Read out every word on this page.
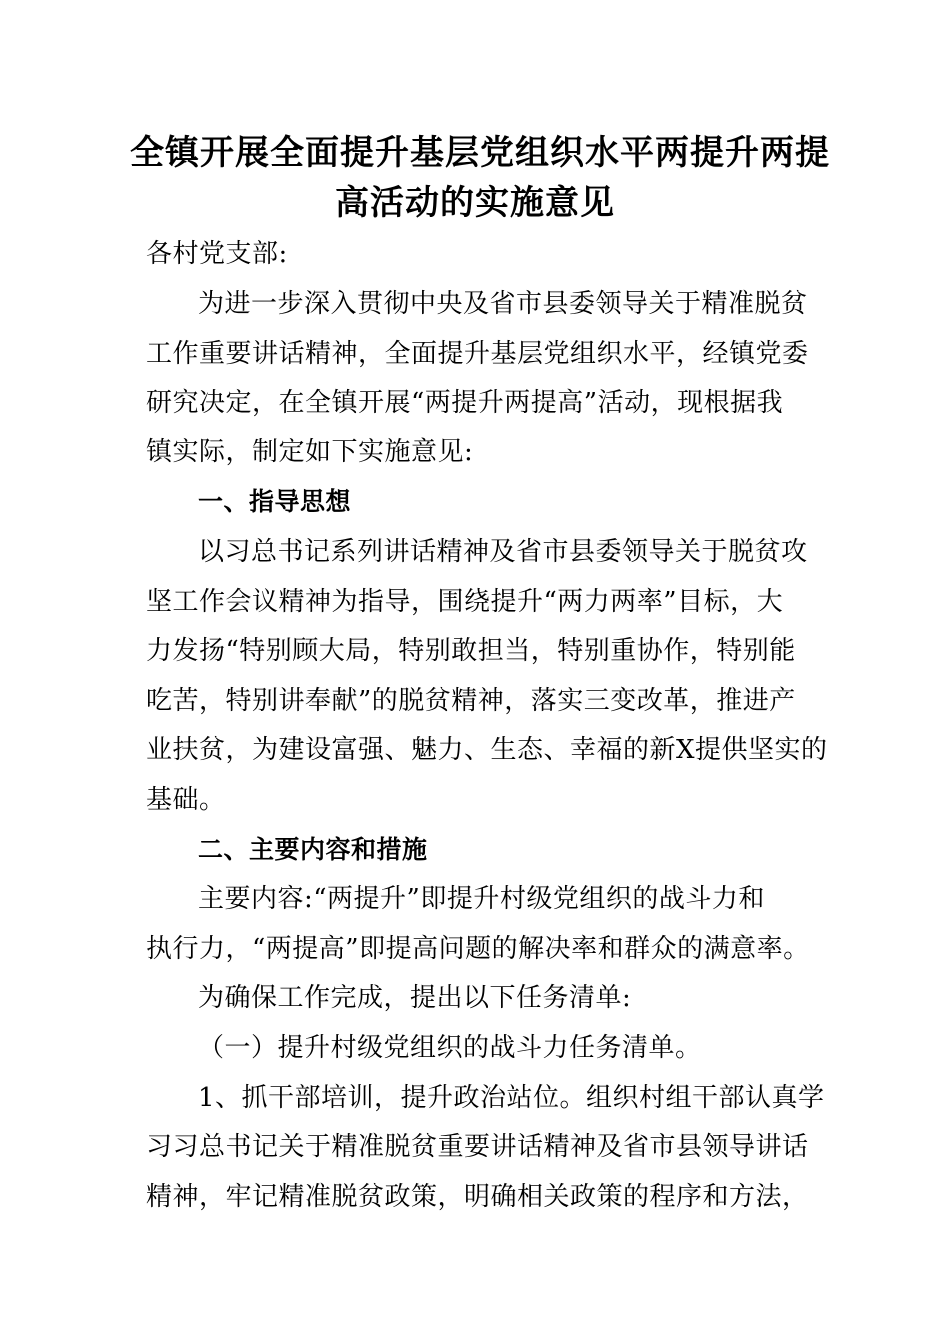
全镇开展全面提升基层党组织水平两提升两提
高活动的实施意见
各村党支部:
为进一步深入贯彻中央及省市县委领导关于精准脱贫
工作重要讲话精神，全面提升基层党组织水平，经镇党委
研究决定，在全镇开展“两提升两提高”活动，现根据我
镇实际，制定如下实施意见:
一、指导思想
以习总书记系列讲话精神及省市县委领导关于脱贫攻
坚工作会议精神为指导，围绕提升“两力两率”目标，大
力发扬“特别顾大局，特别敢担当，特别重协作，特别能
吃苦，特别讲奉献”的脱贫精神，落实三变改革，推进产
业扶贫，为建设富强、魅力、生态、幸福的新X提供坚实的
基础。
二、主要内容和措施
主要内容:“两提升”即提升村级党组织的战斗力和
执行力，“两提高”即提高问题的解决率和群众的满意率。
为确保工作完成，提出以下任务清单:
（一）提升村级党组织的战斗力任务清单。
1、抓干部培训，提升政治站位。组织村组干部认真学
习习总书记关于精准脱贫重要讲话精神及省市县领导讲话
精神，牢记精准脱贫政策，明确相关政策的程序和方法，
